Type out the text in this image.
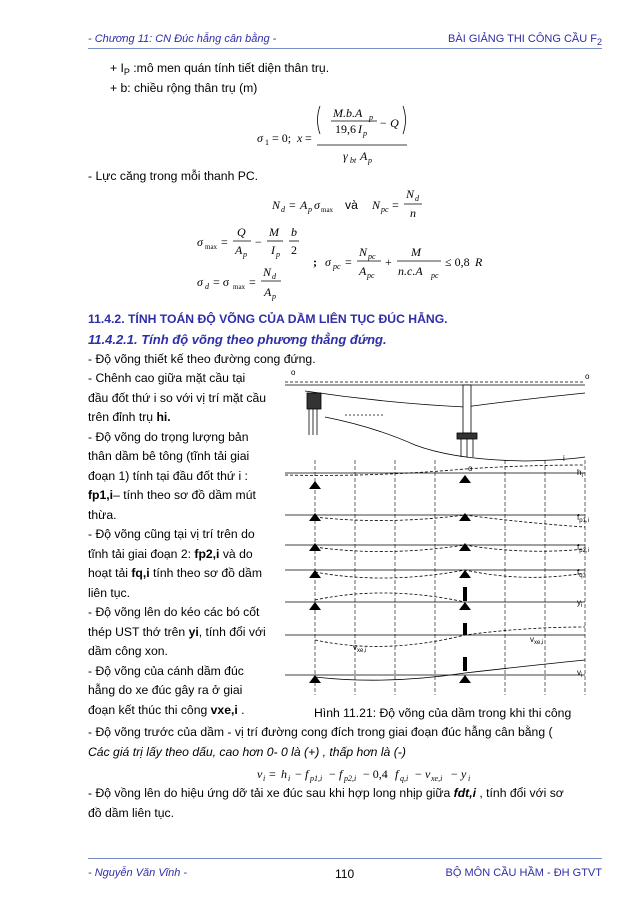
- Chương 11: CN Đúc hẫng cân bằng -	BÀI GIẢNG THI CÔNG CẦU $F_2$
+ $I_P$ :mô men quán tính tiết diện thân trụ.
+ b: chiều rộng thân trụ (m)
σ 1 = 0; x =
M.b.A p
19,6 I p
− Q
γ bt A p
- Lực căng trong mỗi thanh PC.
N d = A p σ max và N pc =
N d
n
σ max =
Q
A p
−
M
I p
b
2
σ d = σ max =
N d
A p
; σ pc =
N pc
A pc
+
M
n.c.A pc
≤ 0,8 R
11.4.2. TÍNH TOÁN ĐỘ VÕNG CỦA DẦM LIÊN TỤC ĐÚC HẪNG.
11.4.2.1. Tính độ võng theo phương thẳng đứng.
- Độ võng thiết kế theo đường cong đứng.
- Chênh cao giữa mặt cầu tại
đầu đốt thứ i so với vị trí mặt cầu
trên đỉnh trụ hi.
- Độ võng do trọng lượng bản
thân dầm bê tông (tĩnh tải giai
đoạn 1) tính tại đầu đốt thứ i :
fp1,i– tính theo sơ đồ dầm mút
thừa.
- Độ võng cũng tại vị trí trên do
tĩnh tải giai đoạn 2: fp2,i và do
hoạt tải fq,i tính theo sơ đồ dầm
liên tục.
- Độ võng lên do kéo các bó cốt
thép UST thớ trên yi, tính đổi với
dầm công xon.
- Độ võng của cánh dầm đúc
hẫng do xe đúc gây ra ở giai
đoạn kết thúc thi công vxe,i .
o	o
o
i
$h_i$
$f_{p1,i}$
$f_{p2,i}$
$f_{q,i}$
$y_i$
$v_{xe,i}$
$v_{xe,i}$
$v_i$
Hình 11.21: Độ võng của dầm trong khi thi công
- Độ võng trước của dầm - vị trí đường cong đích trong giai đoạn đúc hẫng cân bằng (
Các giá trị lấy theo dấu, cao hơn 0- 0 là (+) , thấp hơn là (-)
v i = h i − f p1,i − f p2,i − 0,4 f q,i − v xe,i − y i
- Độ vồng lên do hiệu ứng dỡ tải xe đúc sau khi hợp long nhịp giữa fdt,i , tính đổi với sơ
đồ dầm liên tục.
- Nguyễn Văn Vĩnh -	110	BỘ MÔN CẦU HẦM - ĐH GTVT
